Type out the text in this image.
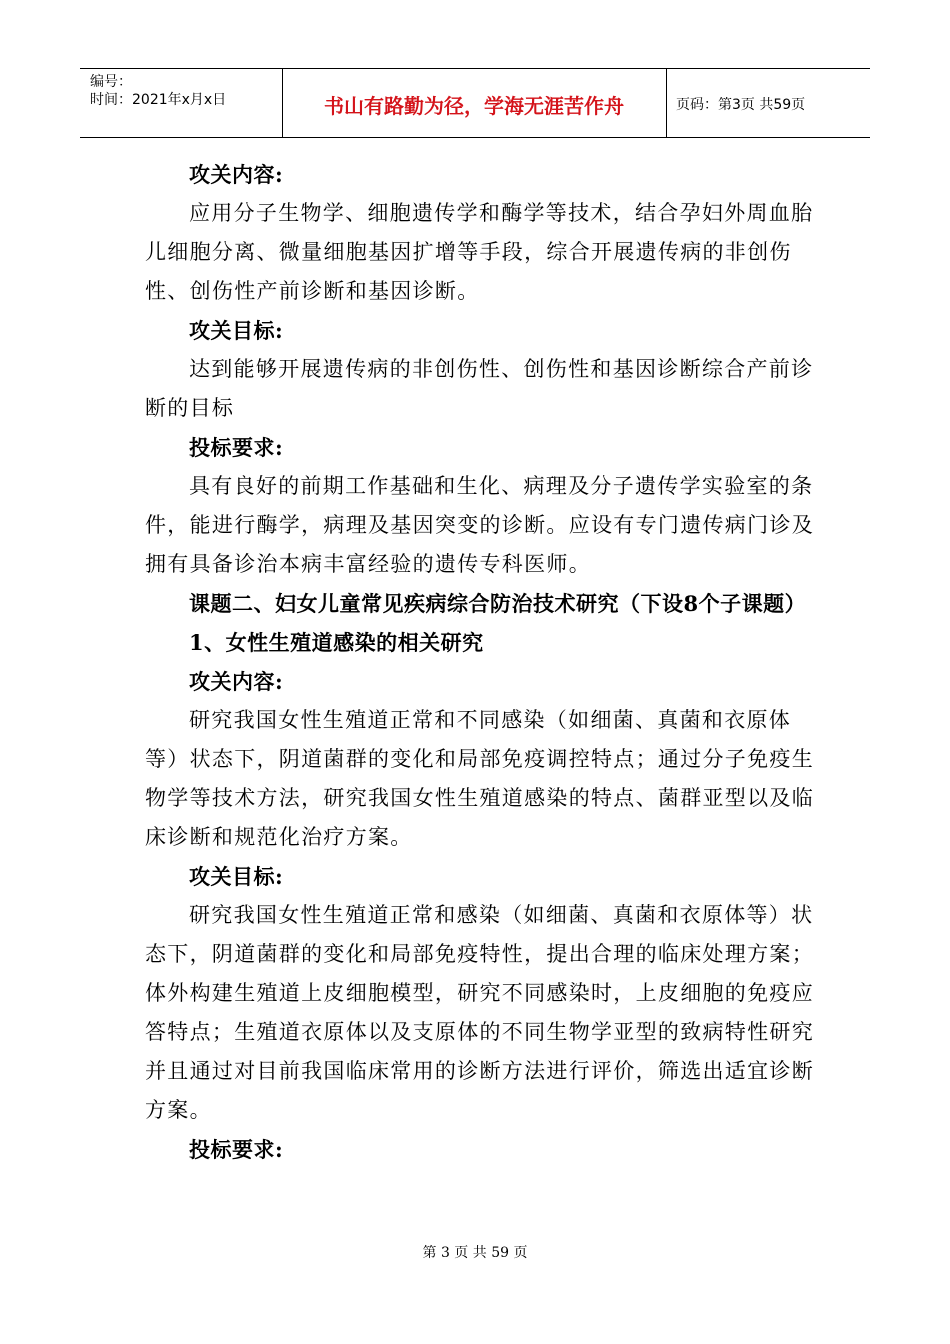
编号：
时间：2021年x月x日	书山有路勤为径，学海无涯苦作舟	页码：第3页 共59页

攻关内容:

应用分子生物学、细胞遗传学和酶学等技术，结合孕妇外周血胎儿细胞分离、微量细胞基因扩增等手段，综合开展遗传病的非创伤性、创伤性产前诊断和基因诊断。

攻关目标:

达到能够开展遗传病的非创伤性、创伤性和基因诊断综合产前诊断的目标

投标要求:

具有良好的前期工作基础和生化、病理及分子遗传学实验室的条件，能进行酶学，病理及基因突变的诊断。应设有专门遗传病门诊及拥有具备诊治本病丰富经验的遗传专科医师。

课题二、妇女儿童常见疾病综合防治技术研究（下设8个子课题）

1、女性生殖道感染的相关研究

攻关内容:

研究我国女性生殖道正常和不同感染（如细菌、真菌和衣原体等）状态下，阴道菌群的变化和局部免疫调控特点；通过分子免疫生物学等技术方法，研究我国女性生殖道感染的特点、菌群亚型以及临床诊断和规范化治疗方案。

攻关目标:

研究我国女性生殖道正常和感染（如细菌、真菌和衣原体等）状态下，阴道菌群的变化和局部免疫特性，提出合理的临床处理方案；

体外构建生殖道上皮细胞模型，研究不同感染时，上皮细胞的免疫应答特点；生殖道衣原体以及支原体的不同生物学亚型的致病特性研究并且通过对目前我国临床常用的诊断方法进行评价，筛选出适宜诊断方案。

投标要求:

第 3 页 共 59 页
